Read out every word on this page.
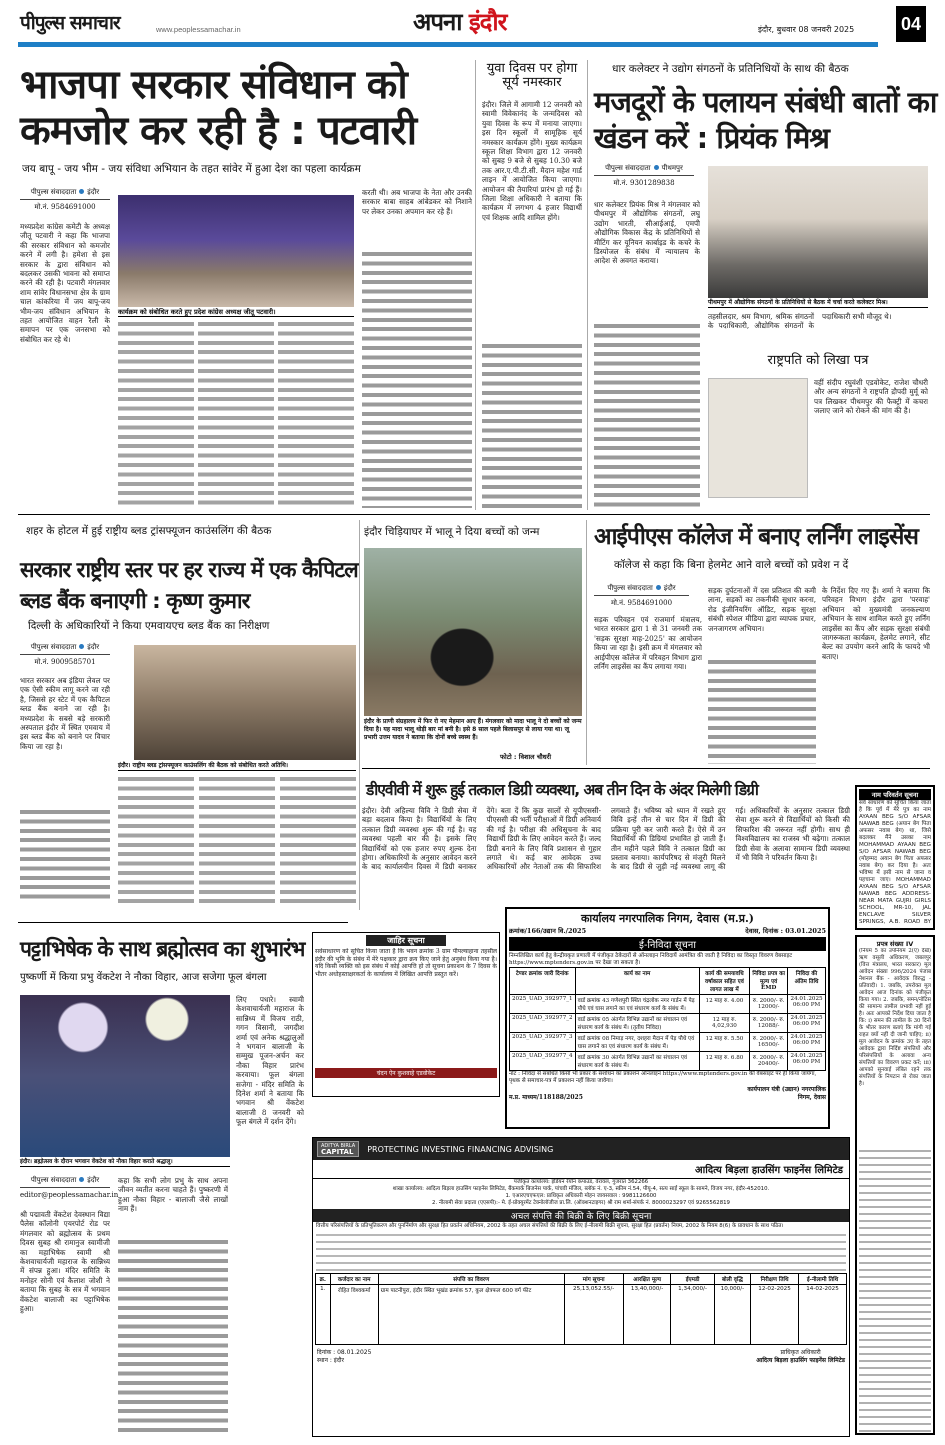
पीपुल्स समाचार	www.peoplessamachar.in	अपना इंदौर	इंदौर, बुधवार 08 जनवरी 2025	04
भाजपा सरकार संविधान को कमजोर कर रही है : पटवारी
जय बापू - जय भीम - जय संविधा अभियान के तहत सांवेर में हुआ देश का पहला कार्यक्रम
पीपुल्स संवाददाता इंदौर
मो.नं. 9584691000
मध्यप्रदेश कांग्रेस कमेटी के अध्यक्ष जीतू पटवारी ने कहा कि भाजपा की सरकार संविधान को कमजोर करने में लगी है। हमेशा से इस सरकार के द्वारा संविधान को बदलकर उसकी भावना को समाप्त करने की रही है। पटवारी मंगलवार शाम सांवेर विधानसभा क्षेत्र के ग्राम चाल कांकरिया में जय बापू-जय भीम-जय संविधान अभियान के तहत आयोजित वाहन रैली के समापन पर एक जनसभा को संबोधित कर रहे थे।
कार्यक्रम को संबोधित करते हुए प्रदेश कांग्रेस अध्यक्ष जीतू पटवारी।
करती थी। अब भाजपा के नेता और उनकी सरकार बाबा साहब आंबेडकर को निशाने पर लेकर उनका अपमान कर रहे हैं।
युवा दिवस पर होगा सूर्य नमस्कार
इंदौर। जिले में आगामी 12 जनवरी को स्वामी विवेकानंद के जन्मदिवस को युवा दिवस के रूप में मनाया जाएगा। इस दिन स्कूलों में सामूहिक सूर्य नमस्कार कार्यक्रम होंगे। मुख्य कार्यक्रम स्कूल शिक्षा विभाग द्वारा 12 जनवरी को सुबह 9 बजे से सुबह 10.30 बजे तक आर.ए.पी.टी.सी. मैदान महेश गार्ड लाइन में आयोजित किया जाएगा। आयोजन की तैयारियां प्रारंभ हो गई हैं। जिला शिक्षा अधिकारी ने बताया कि कार्यक्रम में लगभग 4 हजार विद्यार्थी एवं शिक्षक आदि शामिल होंगे।
धार कलेक्टर ने उद्योग संगठनों के प्रतिनिधियों के साथ की बैठक
मजदूरों के पलायन संबंधी बातों का खंडन करें : प्रियंक मिश्र
पीपुल्स संवाददाता पीथमपुर
मो.नं. 9301289838
पीथमपुर में औद्योगिक संगठनों के प्रतिनिधियों से बैठक में चर्चा करते कलेक्टर मिश्र।
धार कलेक्टर प्रियंक मिश्र ने मंगलवार को पीथमपुर में औद्योगिक संगठनों, लघु उद्योग भारती, सीआईआई, एमपी औद्योगिक विकास केंद्र के प्रतिनिधियों से मीटिंग कर यूनियन कार्बाइड के कचरे के डिस्पोजल के संबंध में न्यायालय के आदेश से अवगत कराया।
तहसीलदार, श्रम विभाग, श्रमिक संगठनों के पदाधिकारी, औद्योगिक संगठनों के पदाधिकारी सभी मौजूद थे।
राष्ट्रपति को लिखा पत्र
वहीं संदीप रघुवंशी एडवोकेट, राजेश चौधरी और अन्य संगठनों ने राष्ट्रपति द्रौपदी मुर्मू को पत्र लिखकर पीथमपुर की फैक्ट्री में कचरा जलाए जाने को रोकने की मांग की है।
शहर के होटल में हुई राष्ट्रीय ब्लड ट्रांसफ्यूजन काउंसलिंग की बैठक
सरकार राष्ट्रीय स्तर पर हर राज्य में एक कैपिटल ब्लड बैंक बनाएगी : कृष्ण कुमार
दिल्ली के अधिकारियों ने किया एमवायएच ब्लड बैंक का निरीक्षण
पीपुल्स संवाददाता इंदौर
मो.नं. 9009585701
भारत सरकार अब इंडिया लेवल पर एक ऐसी स्कीम लागू करने जा रही है, जिससे हर स्टेट में एक कैपिटल ब्लड बैंक बनाने जा रही है। मध्यप्रदेश के सबसे बड़े सरकारी अस्पताल इंदौर में स्थित एमवाय में इस ब्लड बैंक को बनाने पर विचार किया जा रहा है।
इंदौर। राष्ट्रीय ब्लड ट्रांसफ्यूजन काउंसलिंग की बैठक को संबोधित करते अतिथि।
इंदौर चिड़ियाघर में भालू ने दिया बच्चों को जन्म
इंदौर के प्राणी संग्रहालय में फिर रो नए मेहमान आए हैं। मंगलवार को मादा भालू ने दो बच्चों को जन्म दिया है। यह मादा भालू थोड़ी बार मां बनी है। इसे 8 साल पहले बिलासपुर से लाया गया था। जू प्रभारी उत्तम यादव ने बताया कि दोनों बच्चे स्वस्थ हैं।
फोटो : विशाल चौधरी
आईपीएस कॉलेज में बनाए लर्निंग लाइसेंस
कॉलेज से कहा कि बिना हेलमेट आने वाले बच्चों को प्रवेश न दें
पीपुल्स संवाददाता इंदौर
मो.नं. 9584691000
सड़क परिवहन एवं राजमार्ग मंत्रालय, भारत सरकार द्वारा 1 से 31 जनवरी तक 'सड़क सुरक्षा माह-2025' का आयोजन किया जा रहा है। इसी क्रम में मंगलवार को आईपीएस कॉलेज में परिवहन विभाग द्वारा लर्निंग लाइसेंस का कैंप लगाया गया।
सड़क दुर्घटनाओं में दस प्रतिशत की कमी लाना, सड़कों का तकनीकी सुधार करना, रोड इंजीनियरिंग ऑडिट, सड़क सुरक्षा संबंधी स्पेशल मीडिया द्वारा व्यापक प्रचार, जनजागरण अभियान।
के निर्देश दिए गए हैं। शर्मा ने बताया कि परिवहन विभाग इंदौर द्वारा 'परवाह' अभियान को मुख्यमंत्री जनकल्याण अभियान के साथ शामिल करते हुए लर्निंग लाइसेंस का कैंप और सड़क सुरक्षा संबंधी जागरूकता कार्यक्रम, हेलमेट लगाने, सीट बेल्ट का उपयोग करने आदि के फायदे भी बताए।
डीएवीवी में शुरू हुई तत्काल डिग्री व्यवस्था, अब तीन दिन के अंदर मिलेगी डिग्री
इंदौर। देवी अहिल्या विवि ने डिग्री सेवा में बड़ा बदलाव किया है। विद्यार्थियों के लिए तत्काल डिग्री व्यवस्था शुरू की गई है। यह व्यवस्था पहली बार की है। इसके लिए विद्यार्थियों को एक हजार रुपए शुल्क देना होगा। अधिकारियों के अनुसार आवेदन करने के बाद कार्यालयीन दिवस में डिग्री बनाकर देंगे। बता दें कि कुछ सालों से यूपीएससी-पीएससी की भर्ती परीक्षाओं में डिग्री अनिवार्य की गई है। परीक्षा की अधिसूचना के बाद विद्यार्थी डिग्री के लिए आवेदन करते हैं। जल्द डिग्री बनाने के लिए विवि प्रशासन से गुहार लगाते थे। कई बार आवेदक उच्च अधिकारियों और नेताओं तक की सिफारिश लगवाते हैं। भविष्य को ध्यान में रखते हुए विवि इन्हें तीन से चार दिन में डिग्री की प्रक्रिया पूरी कर जारी करते हैं। ऐसे में उन विद्यार्थियों की डिग्रियां प्रभावित हो जाती हैं। तीन महीने पहले विवि ने तत्काल डिग्री का प्रस्ताव बनाया। कार्यपरिषद से मंजूरी मिलने के बाद डिग्री से जुड़ी नई व्यवस्था लागू की गई। अधिकारियों के अनुसार तत्काल डिग्री सेवा शुरू करने से विद्यार्थियों को किसी की सिफारिश की जरूरत नहीं होगी। साथ ही विश्वविद्यालय का राजस्व भी बढ़ेगा। तत्काल डिग्री सेवा के अलावा सामान्य डिग्री व्यवस्था में भी विवि ने परिवर्तन किया है।
नाम परिवर्तन सूचना
सर्व साधारण को सूचित किया जाता है कि पूर्व में मेरे पुत्र का नाम AYAAN BEG S/O AFSAR NAWAB BEG (अयान बेग पिता अफसर नवाब बेग) था, जिसे बदलकर मैंने उसका नाम MOHAMMAD AYAAN BEG S/O AFSAR NAWAB BEG (मोहम्मद अयान बेग पिता अफसर नवाब बेग) कर दिया है। अतः भविष्य में इसी नाम से जाना व पहचाना जाए। MOHAMMAD AYAAN BEG S/O AFSAR NAWAB BEG ADDRESS- NEAR MATA GUJRI GIRLS SCHOOL, MR-10, JAL ENCLAVE SILVER SPRINGS, A.B. ROAD BY
जाहिर सूचना
सर्वसाधारण को सूचित किया जाता है कि भवन क्रमांक 3 ग्राम पीपल्याहाना तहसील इंदौर की भूमि के संबंध में मेरे पक्षकार द्वारा क्रय किए जाने हेतु अनुबंध किया गया है। यदि किसी व्यक्ति को इस संबंध में कोई आपत्ति हो तो सूचना प्रकाशन के 7 दिवस के भीतर अधोहस्ताक्षरकर्ता के कार्यालय में लिखित आपत्ति प्रस्तुत करें।
चंदन ऐन कुशवाहे एडवोकेट
कार्यालय नगरपालिक निगम, देवास (म.प्र.)
क्रमांक/166/उद्यान वि./2025	देवास, दिनांक : 03.01.2025
ई-निविदा सूचना
निम्नलिखित कार्य हेतु केन्द्रीयकृत प्रणाली में पंजीकृत ठेकेदारों से ऑनलाइन निविदायें आमंत्रित की जाती है निविदा का विस्तृत विवरण वेबसाइट https://www.mptenders.gov.in पर देखा जा सकता है।
टेण्डर क्रमांक जारी दिनांक	कार्य का नाम	कार्य की समयावधि वर्षाकाल सहित एवं लागत लाख में	निविदा प्रपत्र का मूल्य एवं EMD	निविदा की अंतिम तिथि
2025_UAD_392977_1	वार्ड क्रमांक 43 गणेशपुरी स्थित चंद्रलोक नगर गार्डन में पेड़ पौधे एवं घास लगाने का एवं संधारण कार्य के संबंध में।	12 माह रु. 4.00	रु. 2000/- रु. 12000/-	24.01.2025 06:00 PM
2025_UAD_392977_2	वार्ड क्रमांक 05 अंतर्गत विभिन्न उद्यानों का संचालन एवं संधारण कार्य के संबंध में। (तृतीय निविदा)	12 माह रु. 4,02,930	रु. 2000/- रु. 12088/-	24.01.2025 06:00 PM
2025_UAD_392977_3	वार्ड क्रमांक 08 निमाड़ नगर, दशहरा मैदान में पेड़ पौधे एवं घास लगाने का एवं संधारण कार्य के संबंध में।	12 माह रु. 5.50	रु. 2000/- रु. 16500/-	24.01.2025 06:00 PM
2025_UAD_392977_4	वार्ड क्रमांक 30 अंतर्गत विभिन्न उद्यानों का संचालन एवं संधारण कार्य के संबंध में।	12 माह रु. 6.80	रु. 2000/- रु. 20400/-	24.01.2025 06:00 PM
नोट : निविदा से संबंधित किसी भी प्रकार के संशोधन का प्रकाशन ऑनलाइन https://www.mptenders.gov.in की वेबसाइट पर ही किया जायेगा, पृथक से समाचार-पत्र में प्रकाशन नहीं किया जावेगा।
म.प्र. माध्यम/118188/2025
कार्यपालन यंत्री (उद्यान) नगरपालिक निगम, देवास
पट्टाभिषेक के साथ ब्रह्मोत्सव का शुभारंभ
पुष्कर्णी में किया प्रभु वेंकटेश ने नौका विहार, आज सजेगा फूल बंगला
इंदौर। ब्रह्मोत्सव के दौरान भगवान वेंकटेश को नौका विहार कराते श्रद्धालु।
लिए पधारे। स्वामी केशवाचार्यजी महाराज के सान्निध्य में विजय राठी, गगन विसानी, जगदीश शर्मा एवं अनेक श्रद्धालुओं ने भगवान बालाजी के सम्मुख पूजन-अर्चन कर नौका विहार प्रारंभ करवाया। फूल बंगला सजेगा - मंदिर समिति के दिनेश शर्मा ने बताया कि भगवान श्री वेंकटेश बालाजी 8 जनवरी को फूल बंगले में दर्शन देंगे।
पीपुल्स संवाददाता इंदौर
editor@peoplessamachar.in
श्री पद्मावती वेंकटेश देवस्थान विद्या पैलेस कॉलोनी एयरपोर्ट रोड पर मंगलवार को ब्रह्मोत्सव के प्रथम दिवस सुबह श्री रामानुज स्वामीजी का महाभिषेक स्वामी श्री केशवाचार्यजी महाराज के सान्निध्य में संपन्न हुआ। मंदिर समिति के मनोहर सोनी एवं कैलाश जोशी ने बताया कि सुबह के सत्र में भगवान वेंकटेश बालाजी का पट्टाभिषेक हुआ।
कहा कि सभी लोग प्रभु के साथ अपना जीवन व्यतीत करना चाहते हैं। पुष्करणी में हुआ नौका विहार - बालाजी जैसे लाखों नाम हैं।
ADITYA BIRLA
CAPITAL PROTECTING INVESTING FINANCING ADVISING
आदित्य बिड़ला हाउसिंग फाइनेंस लिमिटेड
पंजीकृत कार्यालय: इंडियन रेयॉन कंपाउंड, वेरावल, गुजरात 362266
शाखा कार्यालय: आदित्य बिड़ला हाउसिंग फाइनेंस लिमिटेड, बैंकमार्क बिजनेस पार्क, पांचवी मंजिल, ब्लॉक नं. ए-3, स्कीम नं.54, पीयू-4, सत्य साईं स्कूल के सामने, विजय नगर, इंदौर-452010.
1. एआरएचएफएल: प्राधिकृत अधिकारी मोहन जायसवाल : 9981126600
2. नीलामी सेवा प्रदाता (एएसपी):- मे. ई-प्रोक्यूरमेंट टेक्नोलॉजीज प्रा.लि. (ऑक्शनटाइगर) श्री राम शर्मा-संपर्क नं. 8000023297 एवं 9265562819
अचल संपत्ति की बिक्री के लिए बिक्री सूचना
वित्तीय परिसंपत्तियों के प्रतिभूतिकरण और पुनर्निर्माण और सुरक्षा हित प्रवर्तन अधिनियम, 2002 के तहत अचल संपत्तियों की बिक्री के लिए ई-नीलामी बिक्री सूचना, सुरक्षा हित (प्रवर्तन) नियम, 2002 के नियम 8(6) के प्रावधान के साथ पठित।
क्र.	कर्जदार का नाम	संपत्ति का विवरण	मांग सूचना	आरक्षित मूल्य	ईएमडी	बोली वृद्धि	निरीक्षण तिथि	ई-नीलामी तिथि
1.	रोहित विश्वकर्मा	ग्राम पाटनीपुरा, इंदौर स्थित भूखंड क्रमांक 57, कुल क्षेत्रफल 600 वर्ग फीट	25,13,052.55/-	13,40,000/-	1,34,000/-	10,000/-	12-02-2025	14-02-2025
दिनांक : 08.01.2025
स्थान : इंदौर
प्राधिकृत अधिकारी
आदित्य बिड़ला हाउसिंग फाइनेंस लिमिटेड
प्रपत्र संख्या IV
(नियम 5 का उपनियम 2(ए) देखें) ऋण वसूली अधिकरण, जबलपुर (वित्त मंत्रालय, भारत सरकार) मूल आवेदन संख्या 996/2024 पंजाब नेशनल बैंक - आवेदक विरुद्ध - प्रतिवादी। 1. जबकि, उपरोक्त मूल आवेदन आज दिनांक को पंजीकृत किया गया। 2. जबकि, समन/नोटिस की सामान्य तामील प्रभावी नहीं हुई है। अतः आपको निर्देश दिया जाता है कि: i) समन की तामील के 30 दिनों के भीतर कारण बताएं कि मांगी गई राहत क्यों नहीं दी जानी चाहिए; ii) मूल आवेदन के क्रमांक 3ए के तहत आवेदक द्वारा निर्दिष्ट संपत्तियों और परिसंपत्तियों के अलावा अन्य संपत्तियों का विवरण प्रकट करें; iii) आपको सुनवाई लंबित रहने तक संपत्तियों के निपटान से रोका जाता है।
